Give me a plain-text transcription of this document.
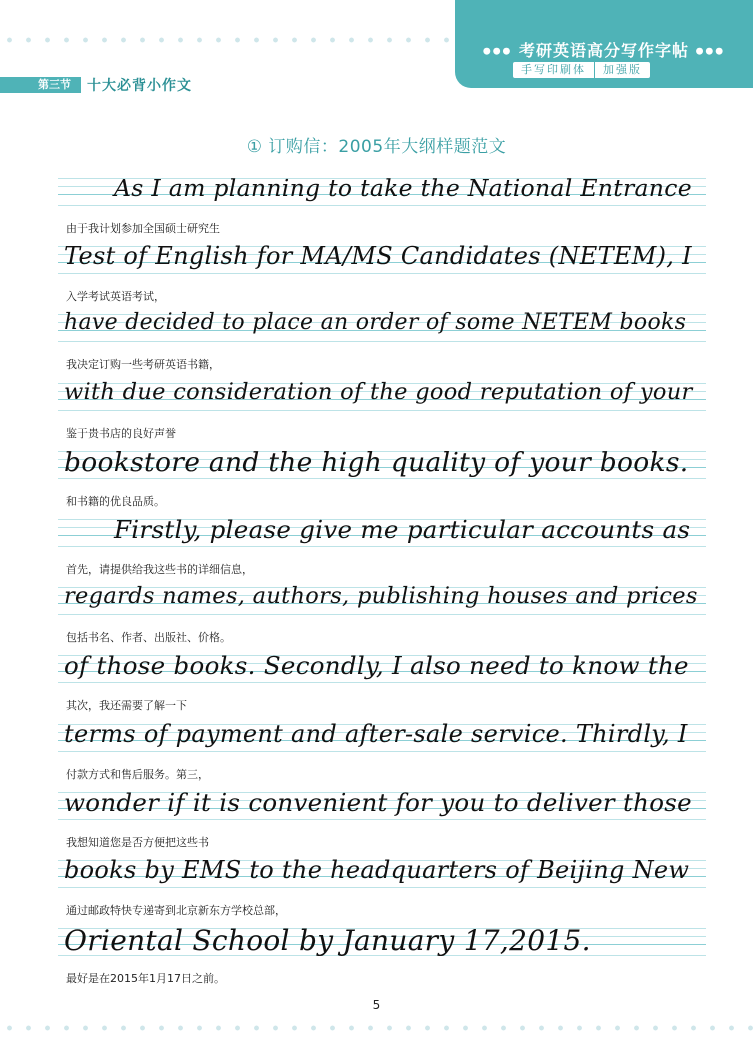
●●● 考研英语高分写作字帖 ●●●
手写印刷体	加强版
第三节	十大必背小作文
① 订购信：2005年大纲样题范文
As I am planning to take the National Entrance
由于我计划参加全国硕士研究生
Test of English for MA/MS Candidates (NETEM), I
入学考试英语考试，
have decided to place an order of some NETEM books
我决定订购一些考研英语书籍，
with due consideration of the good reputation of your
鉴于贵书店的良好声誉
bookstore and the high quality of your books.
和书籍的优良品质。
Firstly, please give me particular accounts as
首先，请提供给我这些书的详细信息，
regards names, authors, publishing houses and prices
包括书名、作者、出版社、价格。
of those books. Secondly, I also need to know the
其次，我还需要了解一下
terms of payment and after-sale service. Thirdly, I
付款方式和售后服务。第三，
wonder if it is convenient for you to deliver those
我想知道您是否方便把这些书
books by EMS to the headquarters of Beijing New
通过邮政特快专递寄到北京新东方学校总部，
Oriental School by January 17,2015.
最好是在2015年1月17日之前。
5
